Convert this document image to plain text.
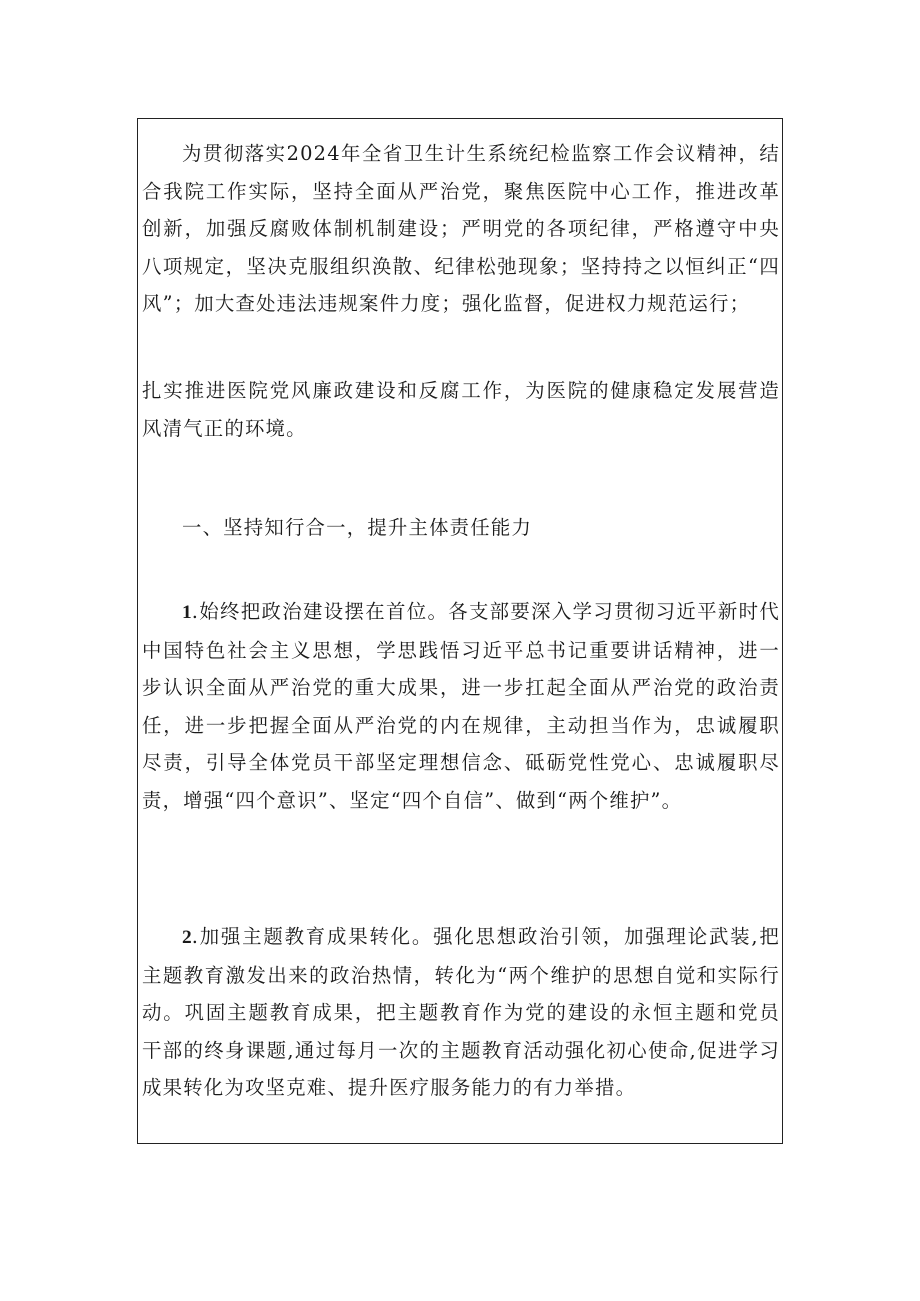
为贯彻落实2024年全省卫生计生系统纪检监察工作会议精神，结合我院工作实际，坚持全面从严治党，聚焦医院中心工作，推进改革创新，加强反腐败体制机制建设；严明党的各项纪律，严格遵守中央八项规定，坚决克服组织涣散、纪律松弛现象；坚持持之以恒纠正“四风”；加大查处违法违规案件力度；强化监督，促进权力规范运行；

扎实推进医院党风廉政建设和反腐工作，为医院的健康稳定发展营造风清气正的环境。

一、坚持知行合一，提升主体责任能力

1.始终把政治建设摆在首位。各支部要深入学习贯彻习近平新时代中国特色社会主义思想，学思践悟习近平总书记重要讲话精神，进一步认识全面从严治党的重大成果，进一步扛起全面从严治党的政治责任，进一步把握全面从严治党的内在规律，主动担当作为，忠诚履职尽责，引导全体党员干部坚定理想信念、砥砺党性党心、忠诚履职尽责，增强“四个意识”、坚定“四个自信”、做到“两个维护”。

2.加强主题教育成果转化。强化思想政治引领，加强理论武装,把主题教育激发出来的政治热情，转化为“两个维护的思想自觉和实际行动。巩固主题教育成果，把主题教育作为党的建设的永恒主题和党员干部的终身课题,通过每月一次的主题教育活动强化初心使命,促进学习成果转化为攻坚克难、提升医疗服务能力的有力举措。
